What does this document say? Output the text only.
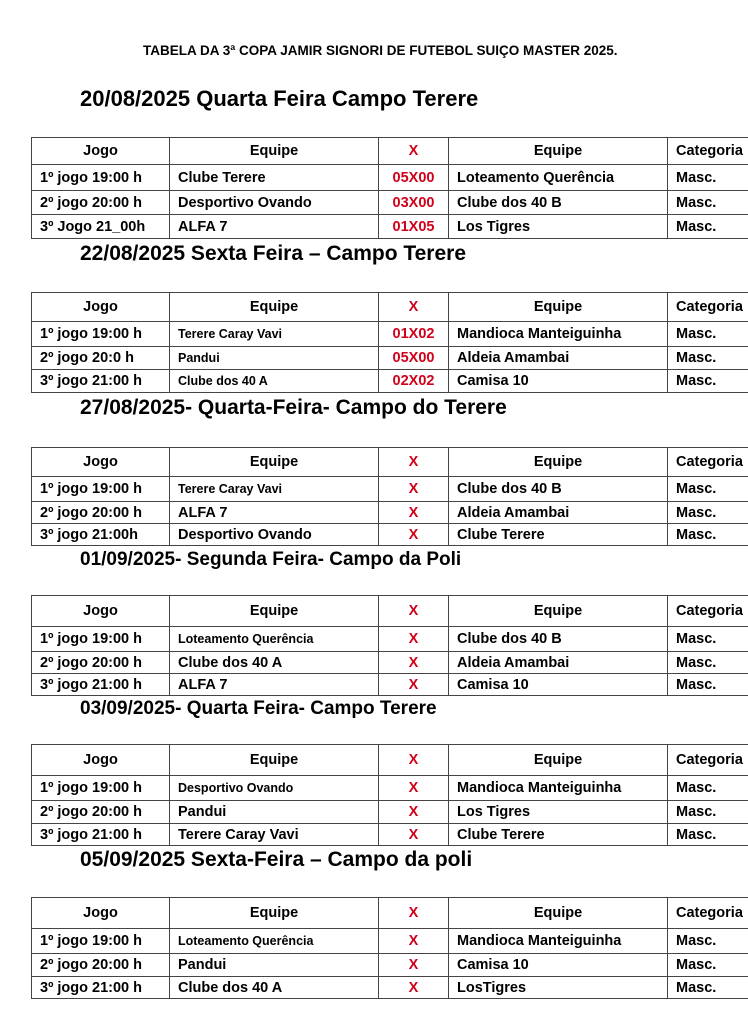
TABELA DA 3ª COPA JAMIR SIGNORI DE FUTEBOL SUIÇO MASTER 2025.
20/08/2025 Quarta Feira Campo Terere
Jogo	Equipe	X	Equipe	Categoria
1º jogo 19:00 h	Clube Terere	05X00	Loteamento Querência	Masc.
2º jogo 20:00 h	Desportivo Ovando	03X00	Clube dos 40 B	Masc.
3º Jogo 21_00h	ALFA 7	01X05	Los Tigres	Masc.
22/08/2025 Sexta Feira – Campo Terere
Jogo	Equipe	X	Equipe	Categoria
1º jogo 19:00 h	Terere Caray Vavi	01X02	Mandioca Manteiguinha	Masc.
2º jogo 20:0 h	Pandui	05X00	Aldeia Amambai	Masc.
3º jogo 21:00 h	Clube dos 40 A	02X02	Camisa 10	Masc.
27/08/2025- Quarta-Feira- Campo do Terere
Jogo	Equipe	X	Equipe	Categoria
1º jogo 19:00 h	Terere Caray Vavi	X	Clube dos 40 B	Masc.
2º jogo 20:00 h	ALFA 7	X	Aldeia Amambai	Masc.
3º jogo 21:00h	Desportivo Ovando	X	Clube Terere	Masc.
01/09/2025- Segunda Feira- Campo da Poli
Jogo	Equipe	X	Equipe	Categoria
1º jogo 19:00 h	Loteamento Querência	X	Clube dos 40 B	Masc.
2º jogo 20:00 h	Clube dos 40 A	X	Aldeia Amambai	Masc.
3º jogo 21:00 h	ALFA 7	X	Camisa 10	Masc.
03/09/2025- Quarta Feira- Campo Terere
Jogo	Equipe	X	Equipe	Categoria
1º jogo 19:00 h	Desportivo Ovando	X	Mandioca Manteiguinha	Masc.
2º jogo 20:00 h	Pandui	X	Los Tigres	Masc.
3º jogo 21:00 h	Terere Caray Vavi	X	Clube Terere	Masc.
05/09/2025 Sexta-Feira – Campo da poli
Jogo	Equipe	X	Equipe	Categoria
1º jogo 19:00 h	Loteamento Querência	X	Mandioca Manteiguinha	Masc.
2º jogo 20:00 h	Pandui	X	Camisa 10	Masc.
3º jogo 21:00 h	Clube dos 40 A	X	LosTigres	Masc.
